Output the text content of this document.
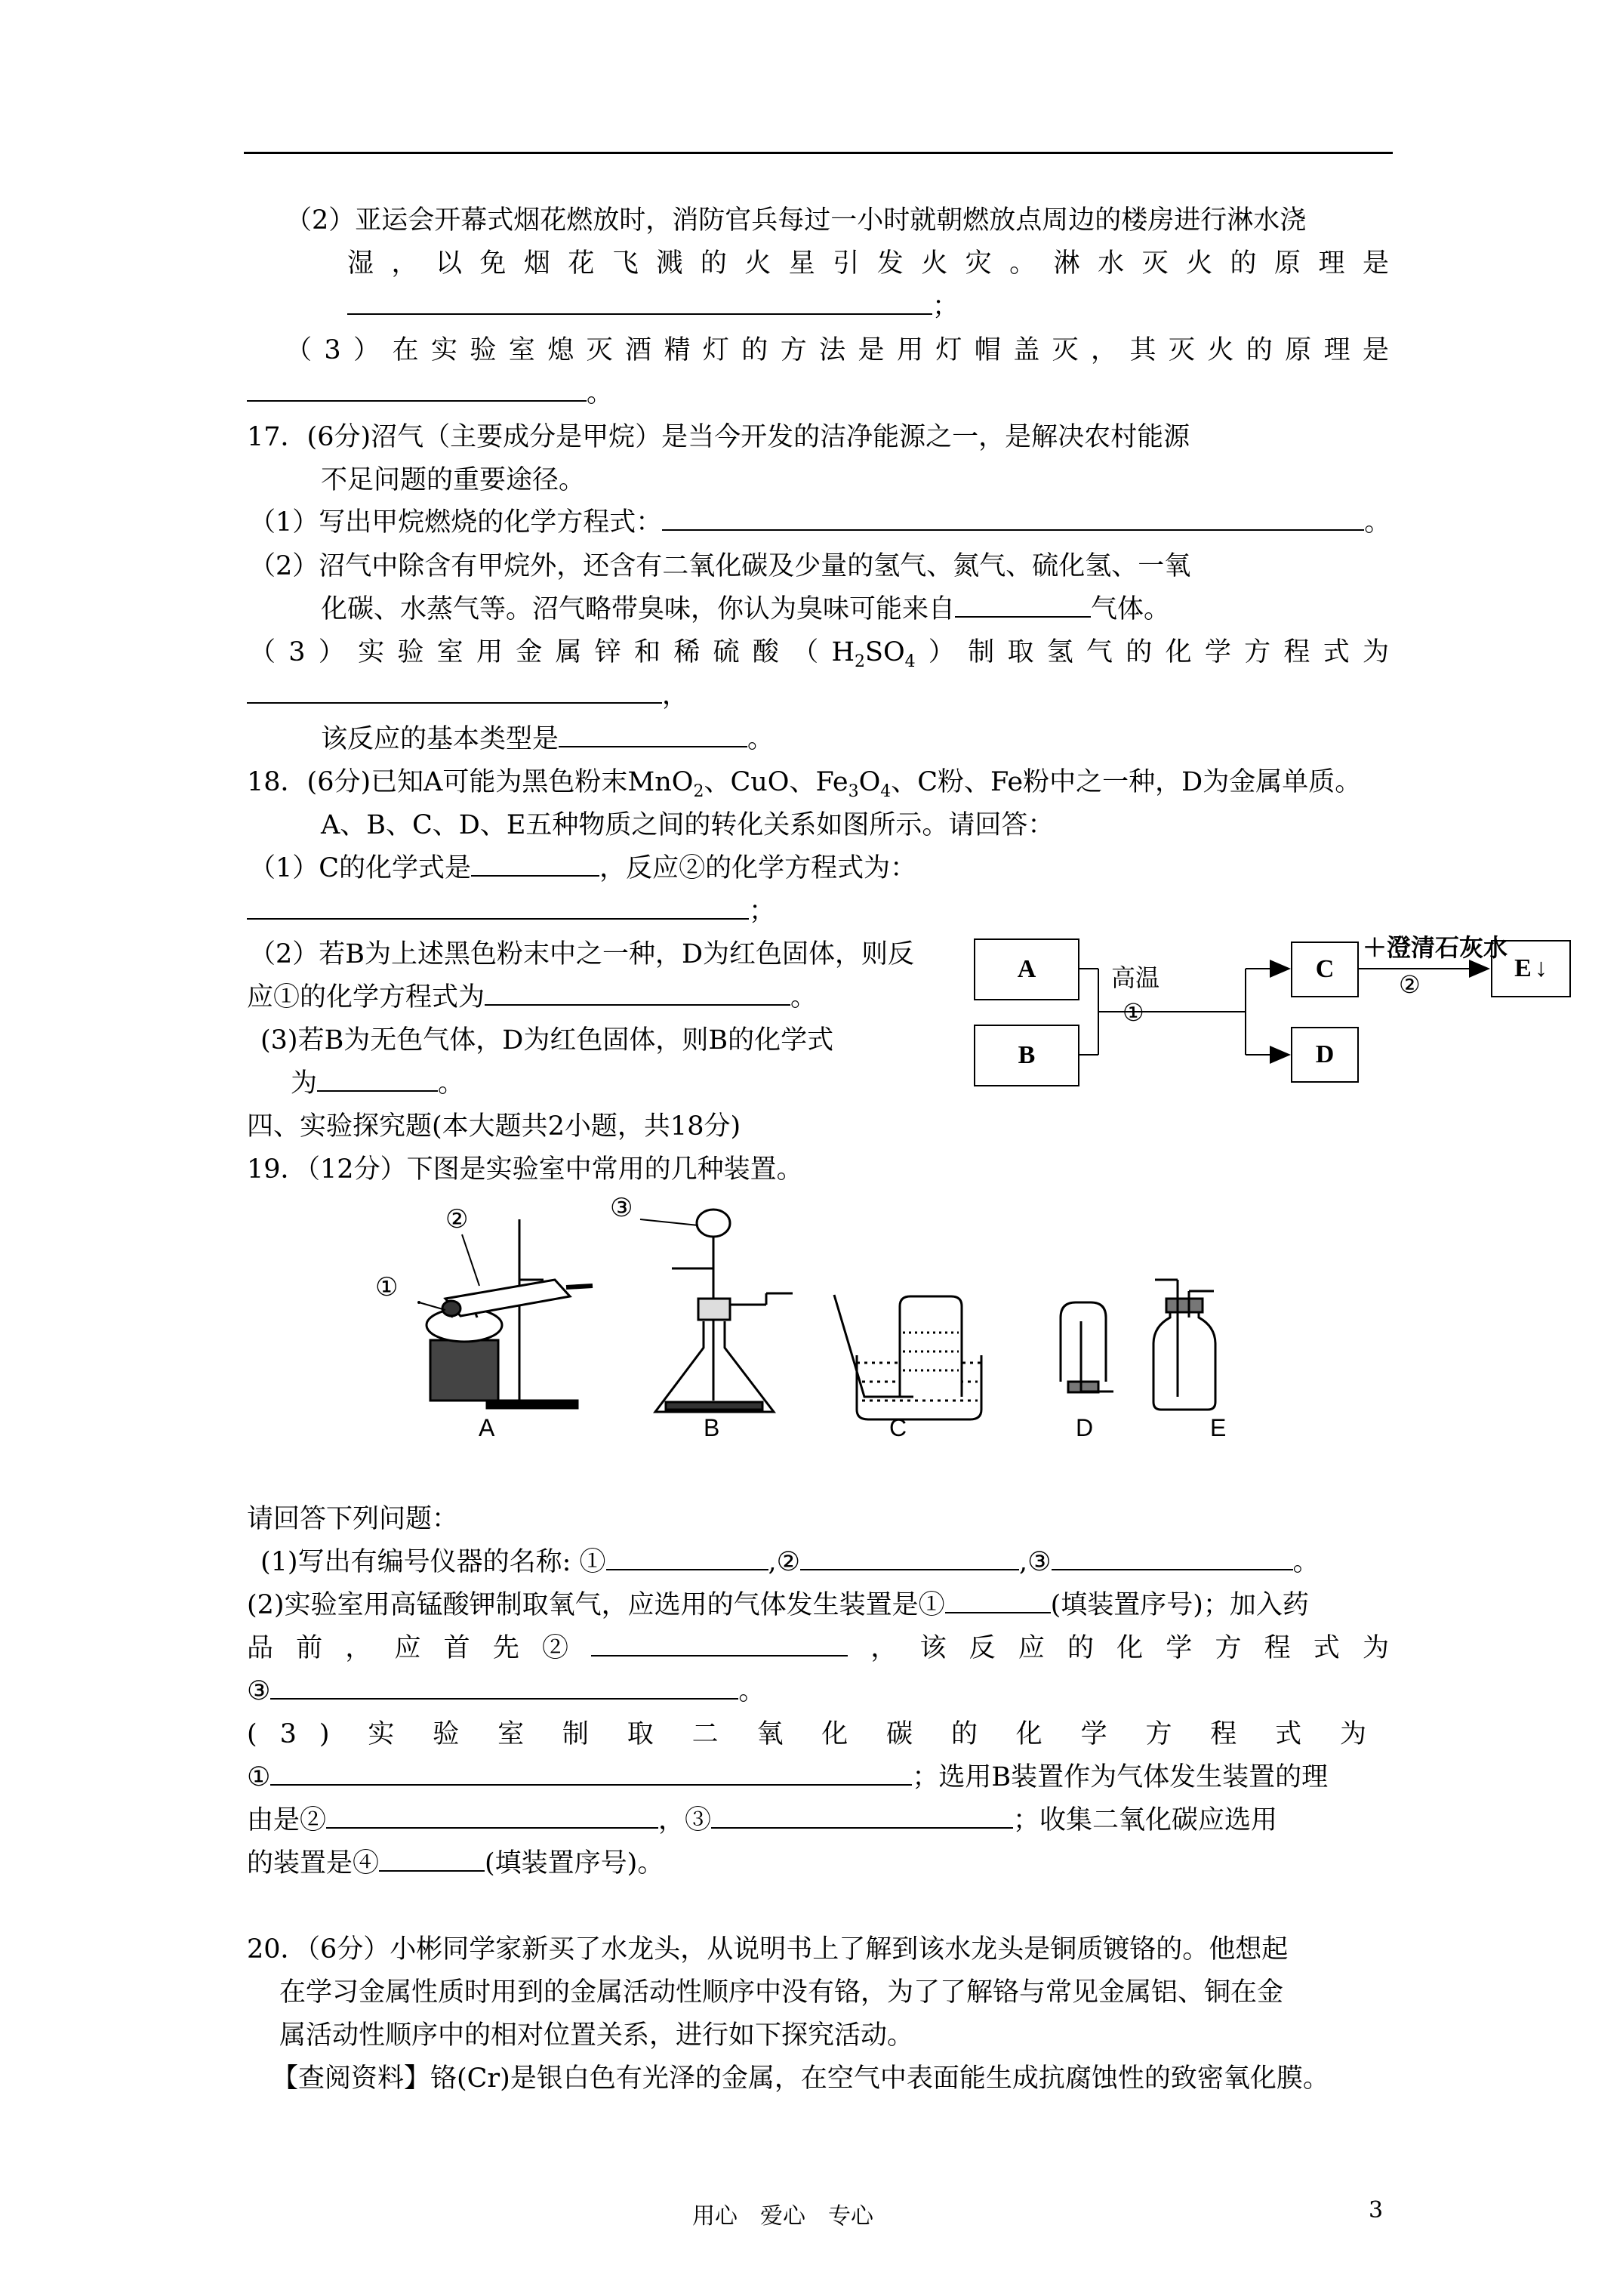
（2）亚运会开幕式烟花燃放时，消防官兵每过一小时就朝燃放点周边的楼房进行淋水浇
湿，以免烟花飞溅的火星引发火灾。淋水灭火的原理是
；
（3）在实验室熄灭酒精灯的方法是用灯帽盖灭，其灭火的原理是
。
17．(6分)沼气（主要成分是甲烷）是当今开发的洁净能源之一，是解决农村能源
不足问题的重要途径。
（1）写出甲烷燃烧的化学方程式：	。
（2）沼气中除含有甲烷外，还含有二氧化碳及少量的氢气、氮气、硫化氢、一氧
化碳、水蒸气等。沼气略带臭味，你认为臭味可能来自	气体。
（3）实验室用金属锌和稀硫酸$(H_2SO_4)$制取氢气的化学方程式为
，
该反应的基本类型是	。
18．(6分)已知A可能为黑色粉末MnO$_2$、CuO、$Fe_3O_4$、C粉、Fe粉中之一种，D为金属单质。
A、B、C、D、E五种物质之间的转化关系如图所示。请回答：
（1）C的化学式是	，反应②的化学方程式为：
；
（2）若B为上述黑色粉末中之一种，D为红色固体，则反
应①的化学方程式为	。
(3)若B为无色气体，D为红色固体，则B的化学式
为	。
A
B
C
D
E ↓
高温
①
＋澄清石灰水
②
四、实验探究题(本大题共2小题，共18分)
19．（12分）下图是实验室中常用的几种装置。
①
②	③
A	B	C	D	E
请回答下列问题：
(1)写出有编号仪器的名称: ①	,②	,③	。
(2)实验室用高锰酸钾制取氧气，应选用的气体发生装置是①	(填装置序号)；加入药
品前，应首先②	，该反应的化学方程式为
③	。
(3)实验室制取二氧化碳的化学方程式为
①	；选用B装置作为气体发生装置的理
由是②	，③	；收集二氧化碳应选用
的装置是④	(填装置序号)。
20．（6分）小彬同学家新买了水龙头，从说明书上了解到该水龙头是铜质镀铬的。他想起
在学习金属性质时用到的金属活动性顺序中没有铬，为了了解铬与常见金属铝、铜在金
属活动性顺序中的相对位置关系，进行如下探究活动。
【查阅资料】铬(Cr)是银白色有光泽的金属，在空气中表面能生成抗腐蚀性的致密氧化膜。
用心　爱心　专心	3
